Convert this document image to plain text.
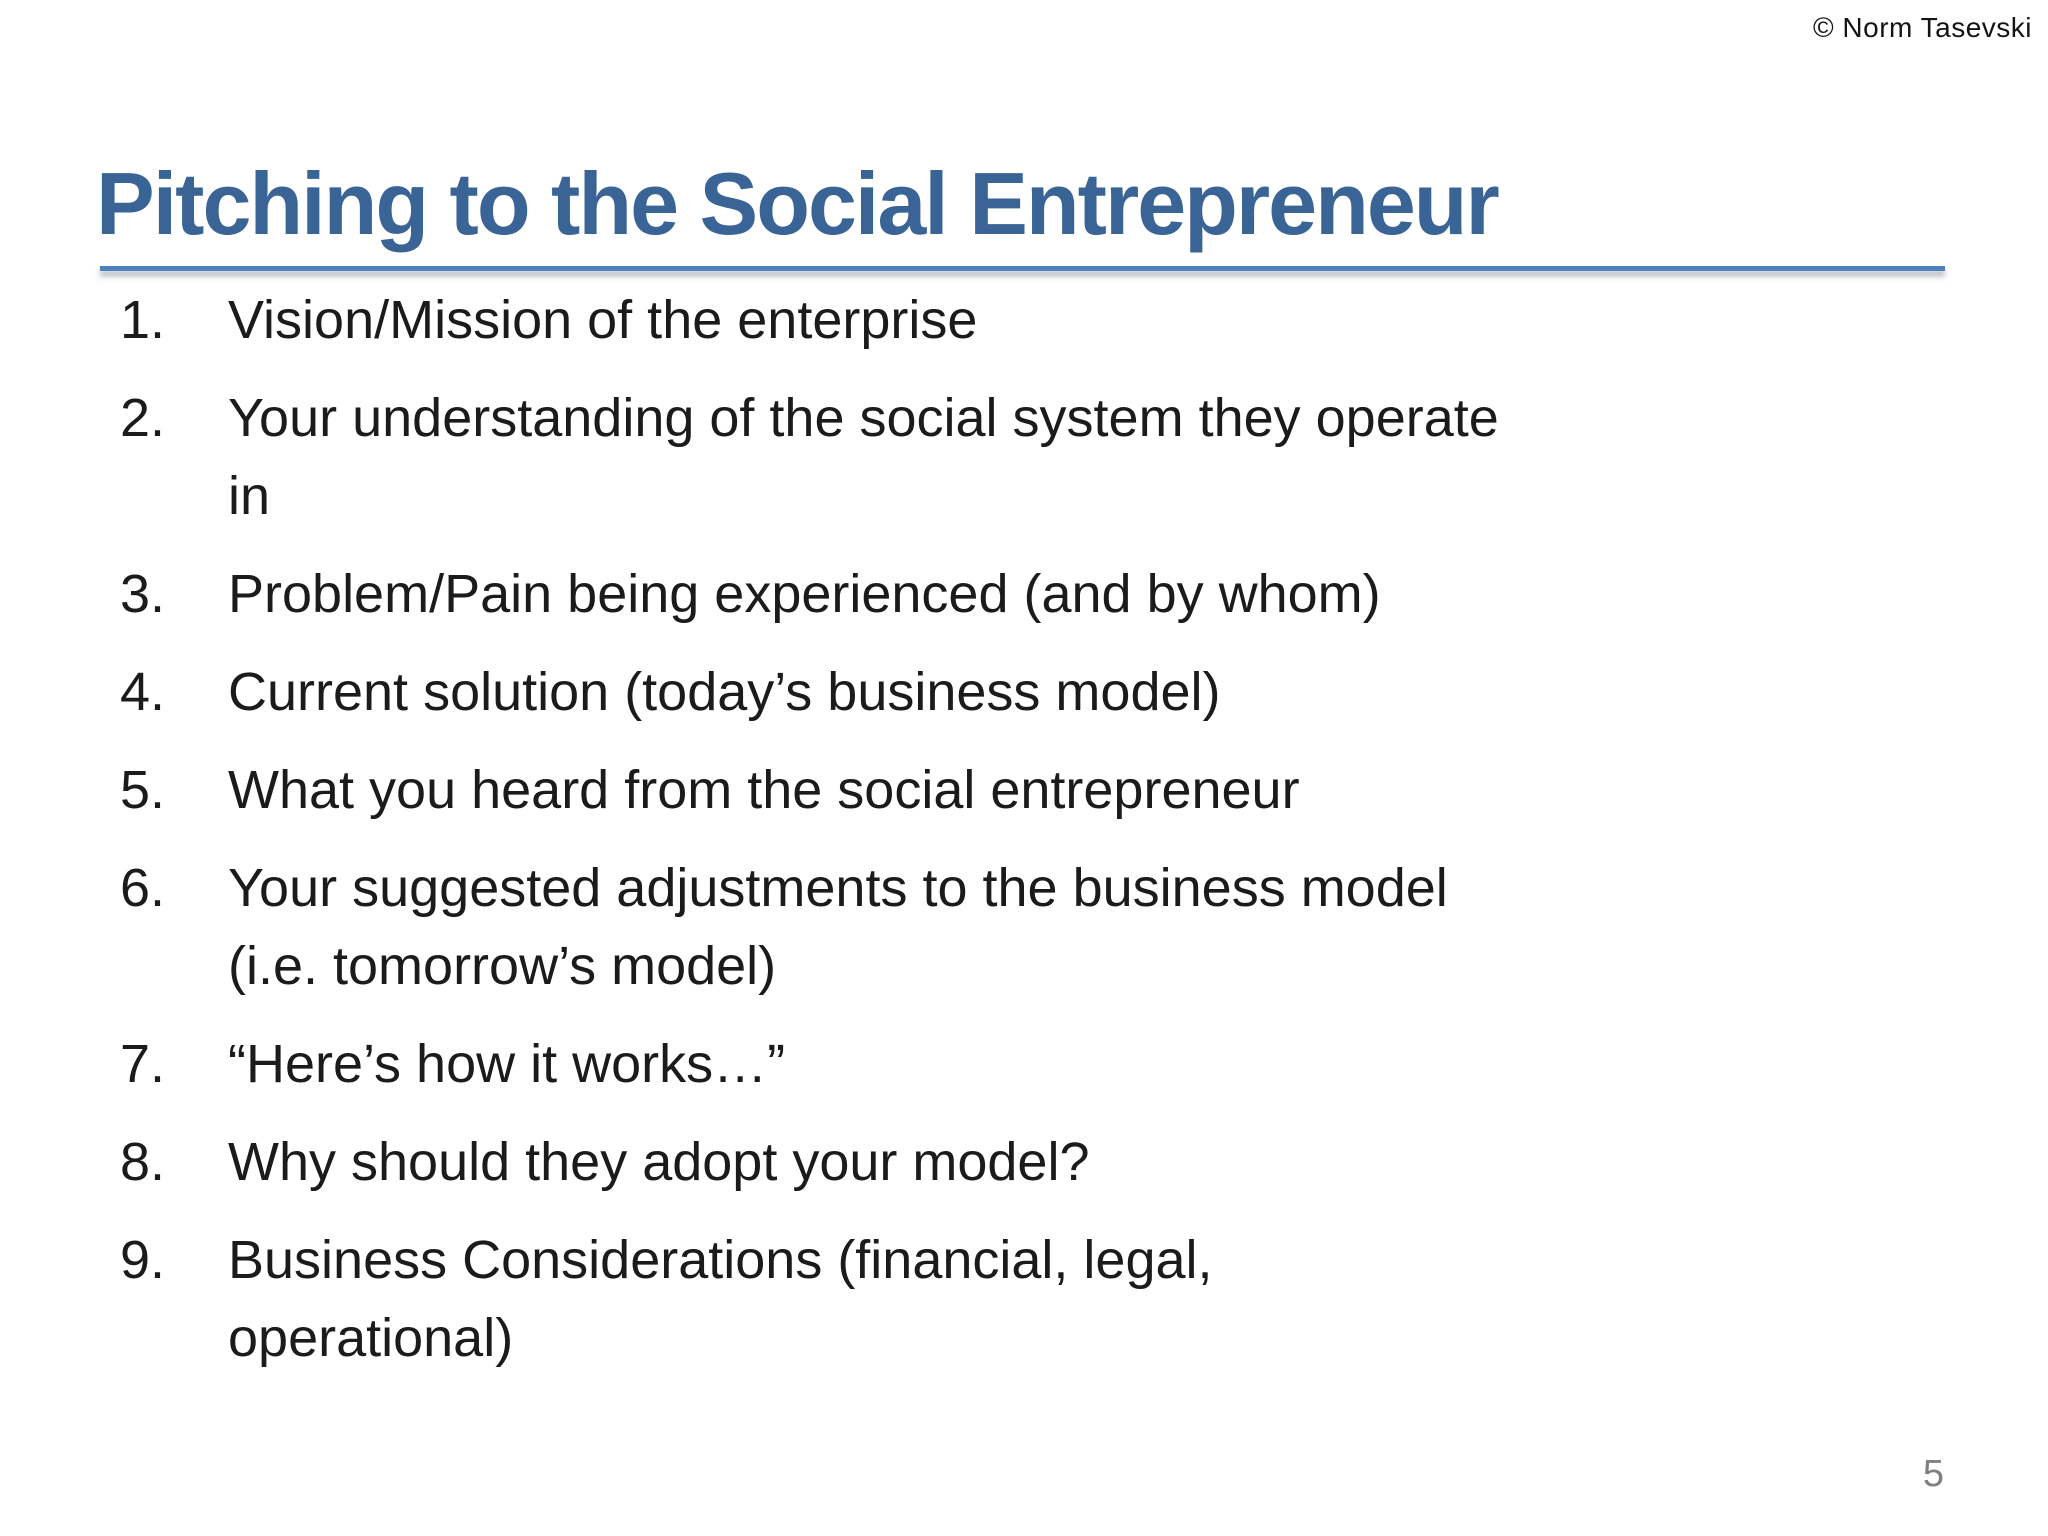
© Norm Tasevski
Pitching to the Social Entrepreneur
1.	Vision/Mission of the enterprise
2.	Your understanding of the social system they operate in
3.	Problem/Pain being experienced (and by whom)
4.	Current solution (today’s business model)
5.	What you heard from the social entrepreneur
6.	Your suggested adjustments to the business model (i.e. tomorrow’s model)
7.	“Here’s how it works…”
8.	Why should they adopt your model?
9.	Business Considerations (financial, legal, operational)
5
